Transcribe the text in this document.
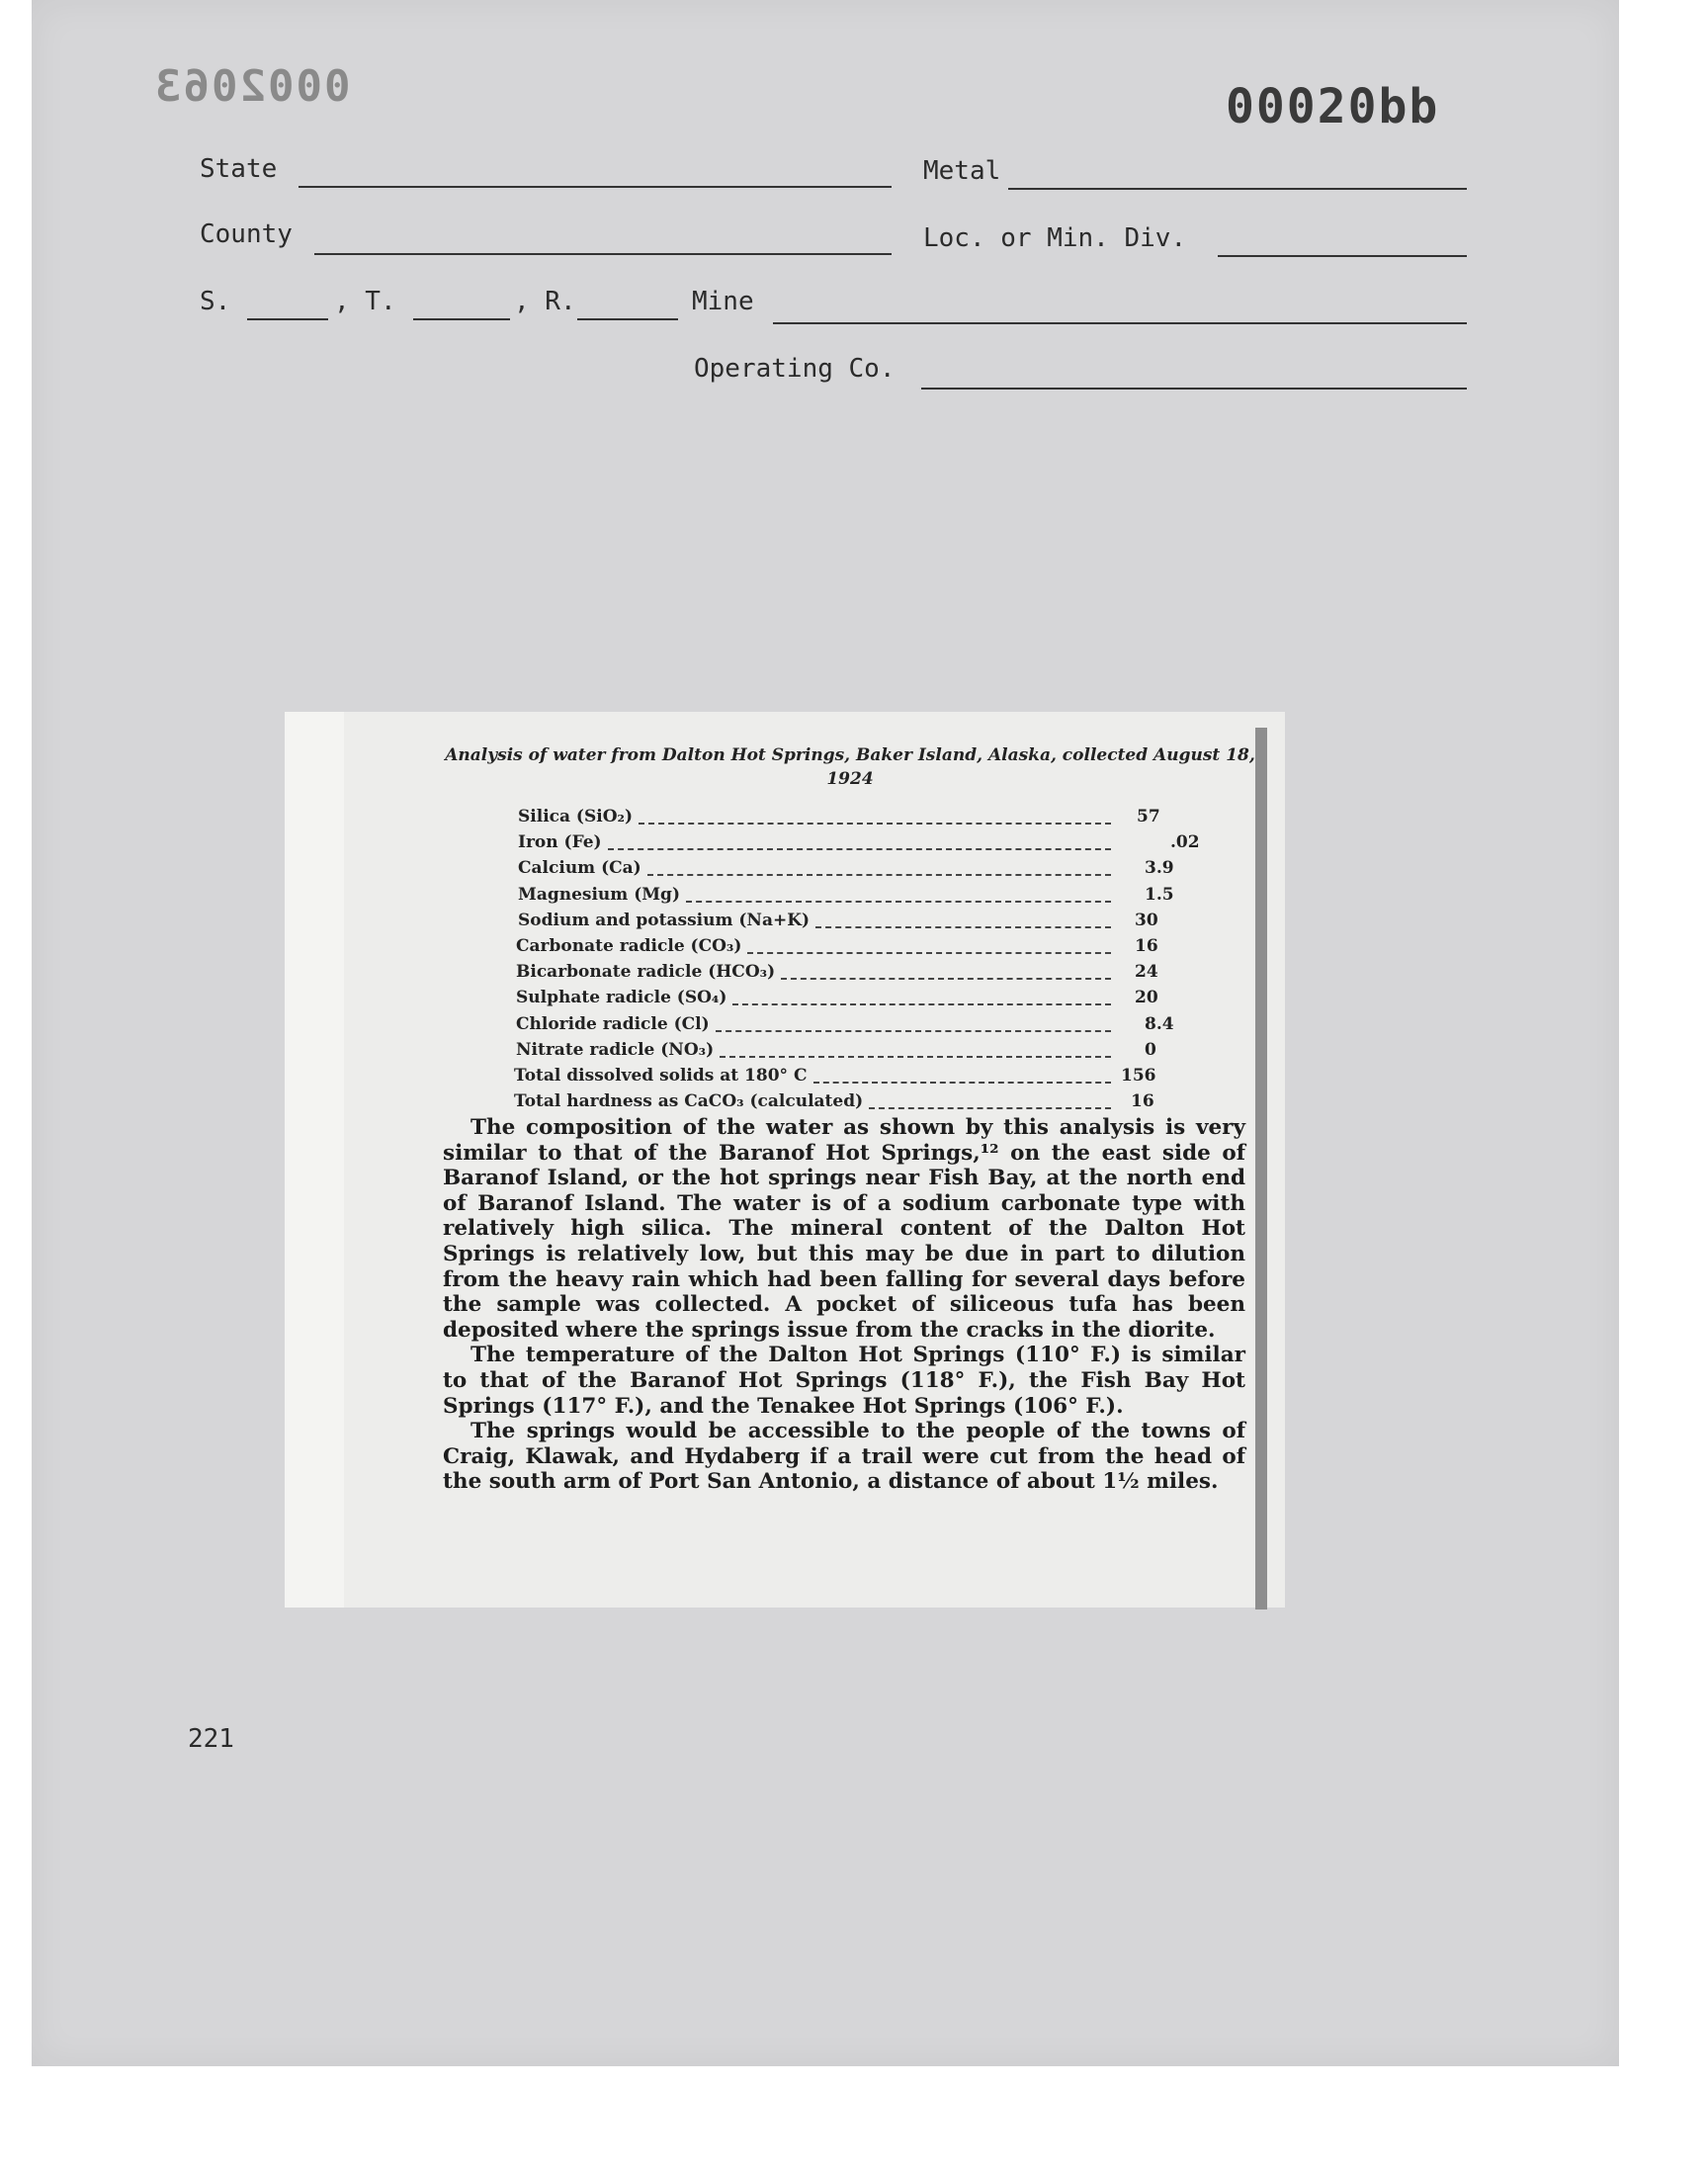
0002063	00020bb
State	Metal
County	Loc. or Min. Div.
S.	, T.	, R.	Mine
Operating Co.
Analysis of water from Dalton Hot Springs, Baker Island, Alaska, collected August 18, 1924
Silica (SiO₂)	57
Iron (Fe)	.02
Calcium (Ca)	3.9
Magnesium (Mg)	1.5
Sodium and potassium (Na+K)	30
Carbonate radicle (CO₃)	16
Bicarbonate radicle (HCO₃)	24
Sulphate radicle (SO₄)	20
Chloride radicle (Cl)	8.4
Nitrate radicle (NO₃)	0
Total dissolved solids at 180° C	156
Total hardness as CaCO₃ (calculated)	16

The composition of the water as shown by this analysis is very similar to that of the Baranof Hot Springs,¹² on the east side of Baranof Island, or the hot springs near Fish Bay, at the north end of Baranof Island. The water is of a sodium carbonate type with relatively high silica. The mineral content of the Dalton Hot Springs is relatively low, but this may be due in part to dilution from the heavy rain which had been falling for several days before the sample was collected. A pocket of siliceous tufa has been deposited where the springs issue from the cracks in the diorite.

The temperature of the Dalton Hot Springs (110° F.) is similar to that of the Baranof Hot Springs (118° F.), the Fish Bay Hot Springs (117° F.), and the Tenakee Hot Springs (106° F.).

The springs would be accessible to the people of the towns of Craig, Klawak, and Hydaberg if a trail were cut from the head of the south arm of Port San Antonio, a distance of about 1½ miles.

221
